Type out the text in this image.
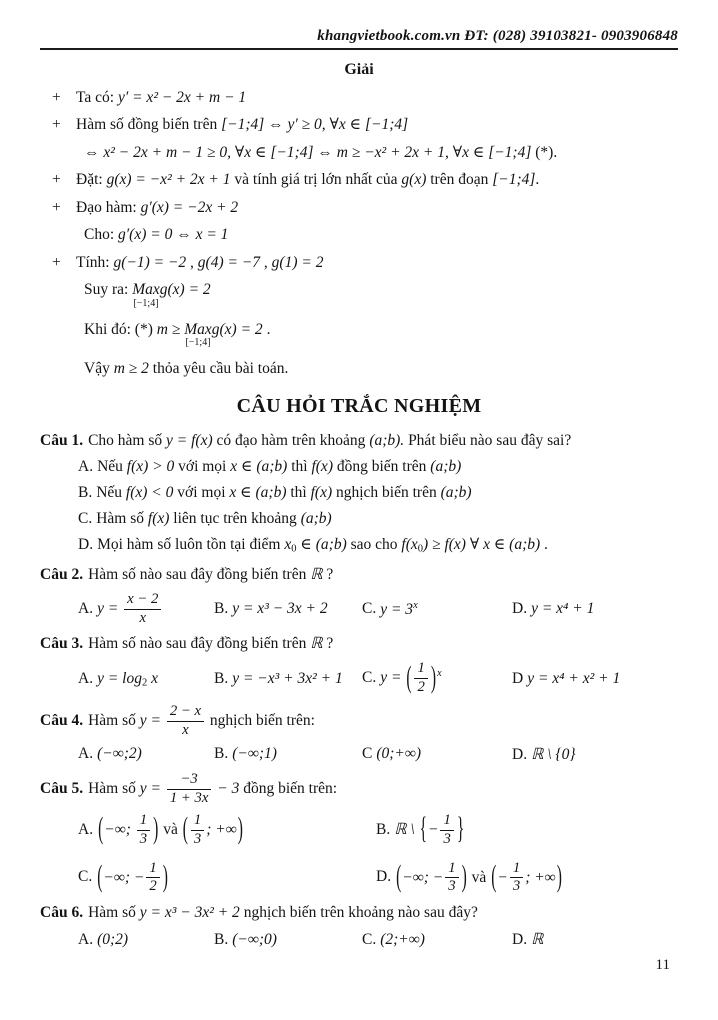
khangvietbook.com.vn ĐT: (028) 39103821- 0903906848
Giải
+ Ta có: y′ = x² − 2x + m − 1
+ Hàm số đồng biến trên [−1;4] ⇔ y′ ≥ 0, ∀x ∈ [−1;4]
⇔ x² − 2x + m − 1 ≥ 0, ∀x ∈ [−1;4] ⇔ m ≥ −x² + 2x + 1, ∀x ∈ [−1;4] (*).
+ Đặt: g(x) = −x² + 2x + 1 và tính giá trị lớn nhất của g(x) trên đoạn [−1;4].
+ Đạo hàm: g′(x) = −2x + 2
Cho: g′(x) = 0 ⇔ x = 1
+ Tính: g(−1) = −2 , g(4) = −7 , g(1) = 2
Suy ra: Max
[−1;4]
g(x) = 2
Khi đó: (*) m ≥ Max
[−1;4]
g(x) = 2 .
Vậy m ≥ 2 thỏa yêu cầu bài toán.
CÂU HỎI TRẮC NGHIỆM
Câu 1. Cho hàm số y = f(x) có đạo hàm trên khoảng (a;b). Phát biểu nào sau đây sai?
A. Nếu f(x) > 0 với mọi x ∈ (a;b) thì f(x) đồng biến trên (a;b)
B. Nếu f(x) < 0 với mọi x ∈ (a;b) thì f(x) nghịch biến trên (a;b)
C. Hàm số f(x) liên tục trên khoảng (a;b)
D. Mọi hàm số luôn tồn tại điểm x0 ∈ (a;b) sao cho f(x0) ≥ f(x) ∀ x ∈ (a;b) .
Câu 2. Hàm số nào sau đây đồng biến trên ℝ ?
A. $y = \frac{x - 2}{x}$	B. y = x³ − 3x + 2	C. $y = 3^x$	D. y = x⁴ + 1
Câu 3. Hàm số nào sau đây đồng biến trên ℝ ?
A. y = log2 x	B. y = −x³ + 3x² + 1	C. y = ( $\frac{1}{2} )^x$	D y = x⁴ + x² + 1
Câu 4. Hàm số $y = \frac{2 - x}{x}$ nghịch biến trên:
A. (−∞;2)	B. (−∞;1)	C (0;+∞)	D. ℝ \ {0}
Câu 5. Hàm số $y = \frac{-3}{1 + 3x} - 3$ đồng biến trên:
A. (−∞; $\frac{1}{3}$ ) và ( $\frac{1}{3}$ ; +∞)	B. ℝ \ {− $\frac{1}{3}$ }
C. (−∞; − $\frac{1}{2}$ )	D. (−∞; − $\frac{1}{3}$ ) và (− $\frac{1}{3}$ ; +∞)
Câu 6. Hàm số y = x³ − 3x² + 2 nghịch biến trên khoảng nào sau đây?
A. (0;2)	B. (−∞;0)	C. (2;+∞)	D. ℝ
11
